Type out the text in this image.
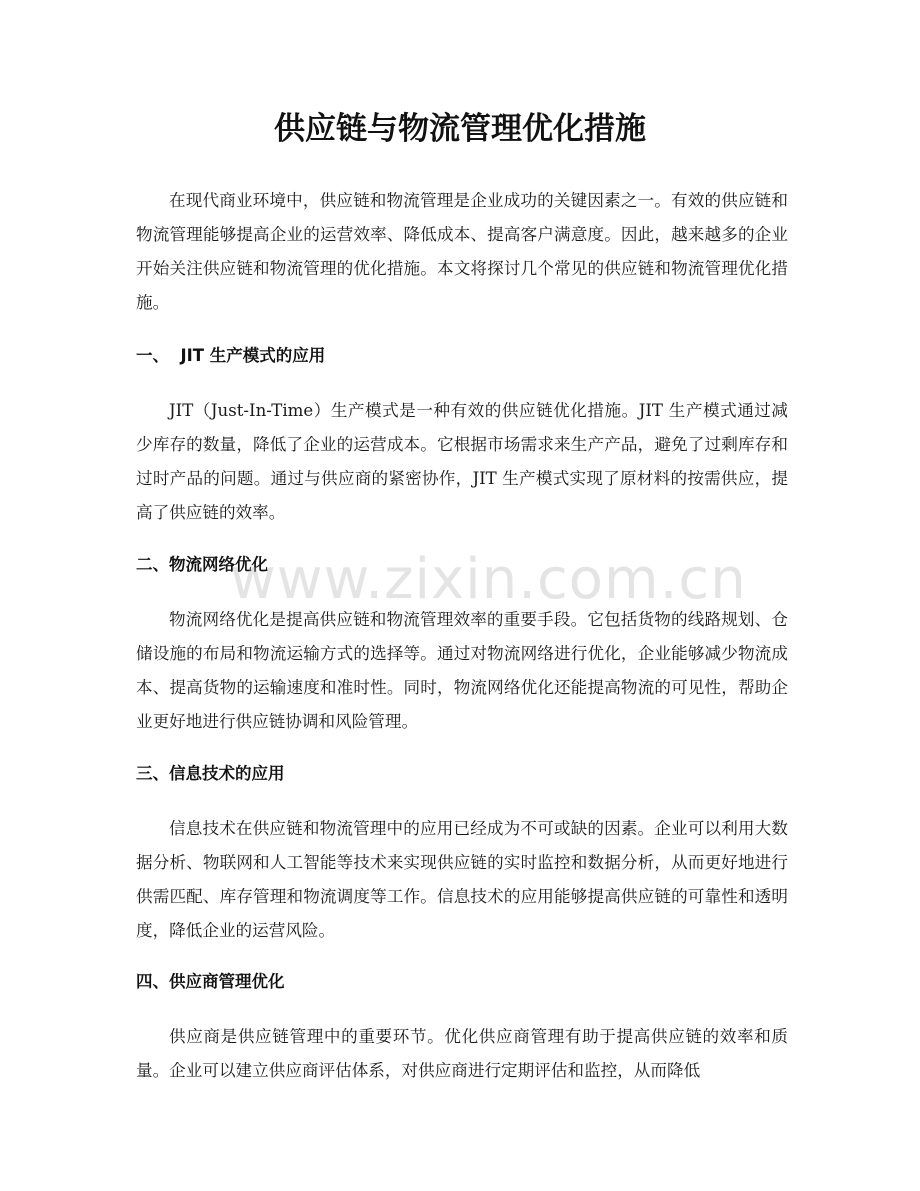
供应链与物流管理优化措施

在现代商业环境中，供应链和物流管理是企业成功的关键因素之一。有效的供应链和物流管理能够提高企业的运营效率、降低成本、提高客户满意度。因此，越来越多的企业开始关注供应链和物流管理的优化措施。本文将探讨几个常见的供应链和物流管理优化措施。

一、  JIT 生产模式的应用

JIT（Just-In-Time）生产模式是一种有效的供应链优化措施。JIT 生产模式通过减少库存的数量，降低了企业的运营成本。它根据市场需求来生产产品，避免了过剩库存和过时产品的问题。通过与供应商的紧密协作，JIT 生产模式实现了原材料的按需供应，提高了供应链的效率。

二、物流网络优化

物流网络优化是提高供应链和物流管理效率的重要手段。它包括货物的线路规划、仓储设施的布局和物流运输方式的选择等。通过对物流网络进行优化，企业能够减少物流成本、提高货物的运输速度和准时性。同时，物流网络优化还能提高物流的可见性，帮助企业更好地进行供应链协调和风险管理。

三、信息技术的应用

信息技术在供应链和物流管理中的应用已经成为不可或缺的因素。企业可以利用大数据分析、物联网和人工智能等技术来实现供应链的实时监控和数据分析，从而更好地进行供需匹配、库存管理和物流调度等工作。信息技术的应用能够提高供应链的可靠性和透明度，降低企业的运营风险。

四、供应商管理优化

供应商是供应链管理中的重要环节。优化供应商管理有助于提高供应链的效率和质量。企业可以建立供应商评估体系，对供应商进行定期评估和监控，从而降低

www.zixin.com.cn
